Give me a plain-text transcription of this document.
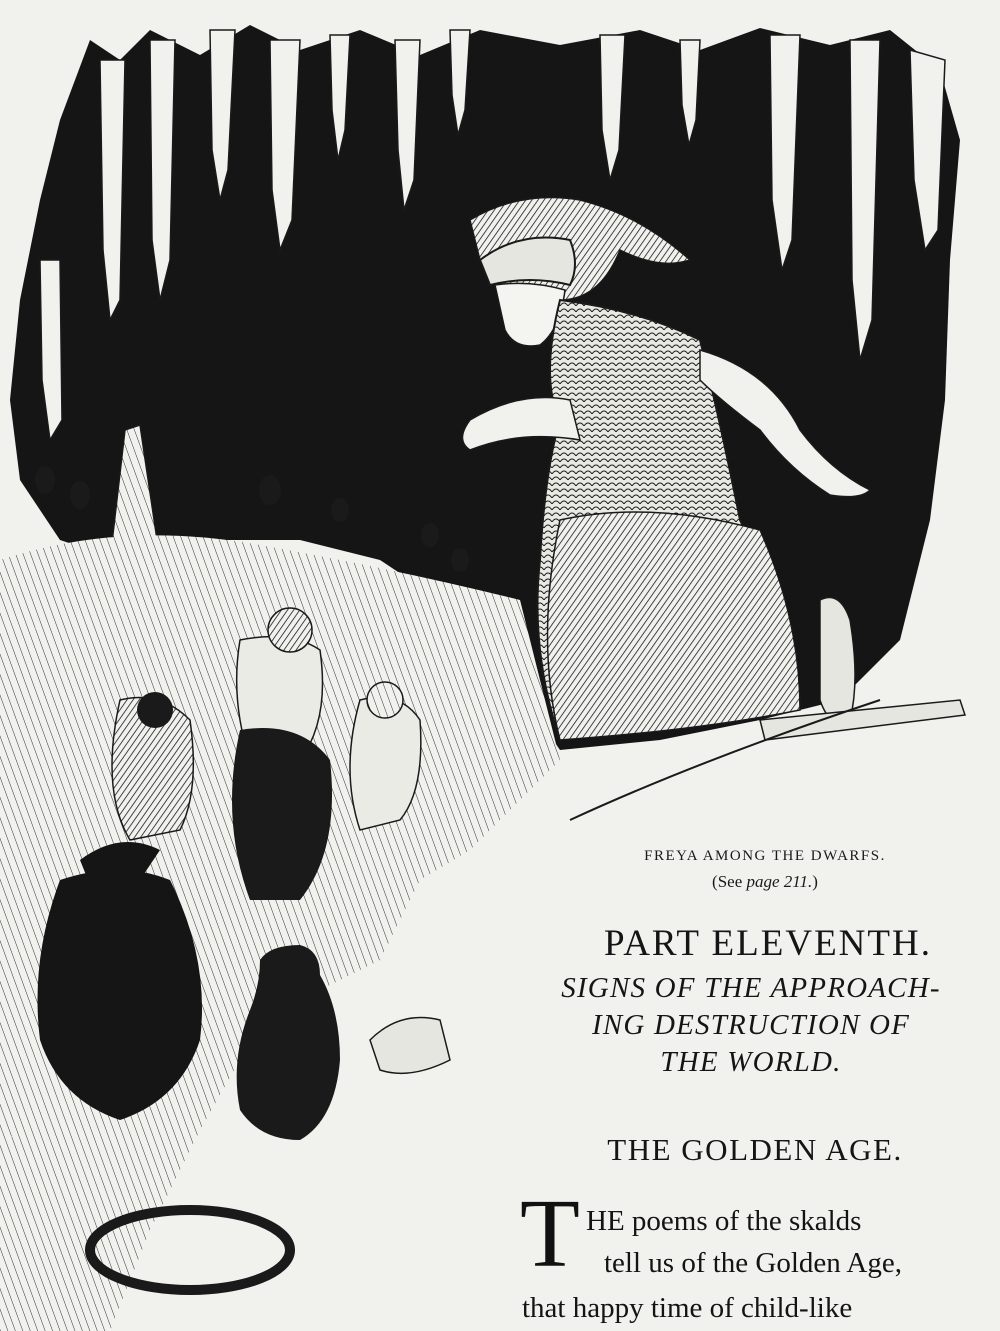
FREYA AMONG THE DWARFS.
(See page 211.)
PART ELEVENTH.
SIGNS OF THE APPROACH-
ING DESTRUCTION OF
THE WORLD.
THE GOLDEN AGE.
T HE poems of the skalds
tell us of the Golden Age,
that happy time of child-like
